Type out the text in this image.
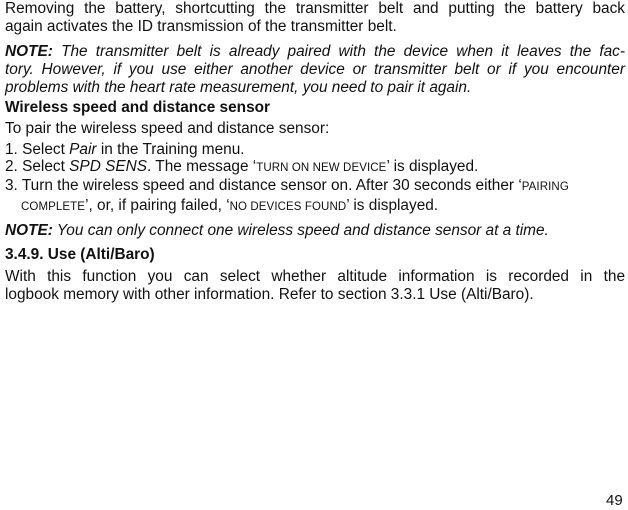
Removing the battery, shortcutting the transmitter belt and putting the battery back
again activates the ID transmission of the transmitter belt.
NOTE: The transmitter belt is already paired with the device when it leaves the fac-
tory. However, if you use either another device or transmitter belt or if you encounter
problems with the heart rate measurement, you need to pair it again.
Wireless speed and distance sensor
To pair the wireless speed and distance sensor:
1. Select Pair in the Training menu.
2. Select SPD SENS. The message ‘TURN ON NEW DEVICE’ is displayed.
3. Turn the wireless speed and distance sensor on. After 30 seconds either ‘PAIRING
COMPLETE’, or, if pairing failed, ‘NO DEVICES FOUND’ is displayed.
NOTE: You can only connect one wireless speed and distance sensor at a time.
3.4.9. Use (Alti/Baro)
With this function you can select whether altitude information is recorded in the
logbook memory with other information. Refer to section 3.3.1 Use (Alti/Baro).
49
